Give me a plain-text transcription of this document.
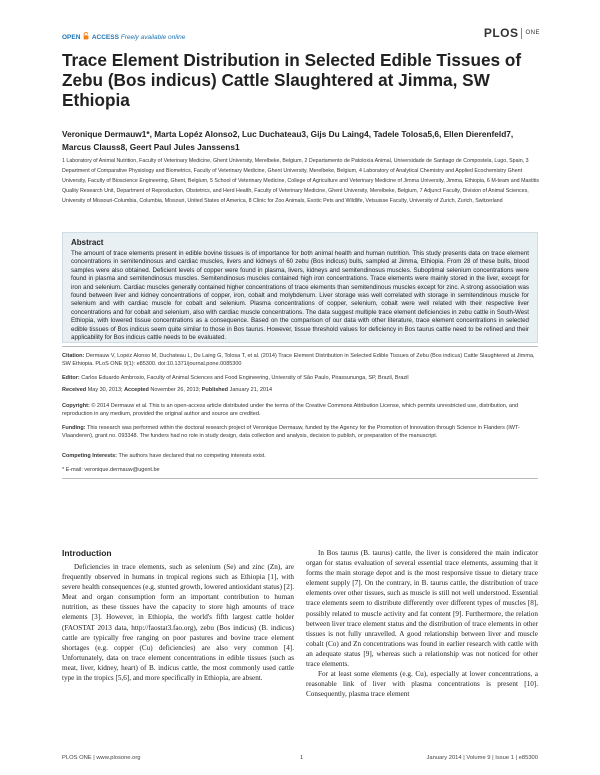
OPEN ACCESS Freely available online	PLOS ONE
Trace Element Distribution in Selected Edible Tissues of Zebu (Bos indicus) Cattle Slaughtered at Jimma, SW Ethiopia

Veronique Dermauw1*, Marta Lopéz Alonso2, Luc Duchateau3, Gijs Du Laing4, Tadele Tolosa5,6, Ellen Dierenfeld7, Marcus Clauss8, Geert Paul Jules Janssens1

1 Laboratory of Animal Nutrition, Faculty of Veterinary Medicine, Ghent University, Merelbeke, Belgium, 2 Departamento de Patoloxía Animal, Universidade de Santiago de Compostela, Lugo, Spain, 3 Department of Comparative Physiology and Biometrics, Faculty of Veterinary Medicine, Ghent University, Merelbeke, Belgium, 4 Laboratory of Analytical Chemistry and Applied Ecochemistry Ghent University, Faculty of Bioscience Engineering, Ghent, Belgium, 5 School of Veterinary Medicine, College of Agriculture and Veterinary Medicine of Jimma University, Jimma, Ethiopia, 6 M-team and Mastitis Quality Research Unit, Department of Reproduction, Obstetrics, and Herd Health, Faculty of Veterinary Medicine, Ghent University, Merelbeke, Belgium, 7 Adjunct Faculty, Division of Animal Sciences, University of Missouri-Columbia, Columbia, Missouri, United States of America, 8 Clinic for Zoo Animals, Exotic Pets and Wildlife, Vetsuisse Faculty, University of Zurich, Zurich, Switzerland

Abstract

The amount of trace elements present in edible bovine tissues is of importance for both animal health and human nutrition. This study presents data on trace element concentrations in semitendinosus and cardiac muscles, livers and kidneys of 60 zebu (Bos indicus) bulls, sampled at Jimma, Ethiopia. From 28 of these bulls, blood samples were also obtained. Deficient levels of copper were found in plasma, livers, kidneys and semitendinosus muscles. Suboptimal selenium concentrations were found in plasma and semitendinosus muscles. Semitendinosus muscles contained high iron concentrations. Trace elements were mainly stored in the liver, except for iron and selenium. Cardiac muscles generally contained higher concentrations of trace elements than semitendinous muscles except for zinc. A strong association was found between liver and kidney concentrations of copper, iron, cobalt and molybdenum. Liver storage was well correlated with storage in semitendinous muscle for selenium and with cardiac muscle for cobalt and selenium. Plasma concentrations of copper, selenium, cobalt were well related with their respective liver concentrations and for cobalt and selenium, also with cardiac muscle concentrations. The data suggest multiple trace element deficiencies in zebu cattle in South-West Ethiopia, with lowered tissue concentrations as a consequence. Based on the comparison of our data with other literature, trace element concentrations in selected edible tissues of Bos indicus seem quite similar to those in Bos taurus. However, tissue threshold values for deficiency in Bos taurus cattle need to be refined and their applicability for Bos indicus cattle needs to be evaluated.

Citation: Dermauw V, Lopéz Alonso M, Duchateau L, Du Laing G, Tolosa T, et al. (2014) Trace Element Distribution in Selected Edible Tissues of Zebu (Bos indicus) Cattle Slaughtered at Jimma, SW Ethiopia. PLoS ONE 9(1): e85300. doi:10.1371/journal.pone.0085300

Editor: Carlos Eduardo Ambrosio, Faculty of Animal Sciences and Food Engineering, University of São Paulo, Pirassununga, SP, Brazil, Brazil

Received May 30, 2013; Accepted November 26, 2013; Published January 21, 2014

Copyright: © 2014 Dermauw et al. This is an open-access article distributed under the terms of the Creative Commons Attribution License, which permits unrestricted use, distribution, and reproduction in any medium, provided the original author and source are credited.

Funding: This research was performed within the doctoral research project of Veronique Dermauw, funded by the Agency for the Promotion of Innovation through Science in Flanders (IWT-Vlaanderen), grant no. 093348. The funders had no role in study design, data collection and analysis, decision to publish, or preparation of the manuscript.

Competing Interests: The authors have declared that no competing interests exist.

* E-mail: veronique.dermauw@ugent.be

Introduction

Deficiencies in trace elements, such as selenium (Se) and zinc (Zn), are frequently observed in humans in tropical regions such as Ethiopia [1], with severe health consequences (e.g. stunted growth, lowered antioxidant status) [2]. Meat and organ consumption form an important contribution to human nutrition, as these tissues have the capacity to store high amounts of trace elements [3]. However, in Ethiopia, the world's fifth largest cattle holder (FAOSTAT 2013 data, http://faostat3.fao.org), zebu (Bos indicus) (B. indicus) cattle are typically free ranging on poor pastures and bovine trace element shortages (e.g. copper (Cu) deficiencies) are also very common [4]. Unfortunately, data on trace element concentrations in edible tissues (such as meat, liver, kidney, heart) of B. indicus cattle, the most commonly used cattle type in the tropics [5,6], and more specifically in Ethiopia, are absent.

In Bos taurus (B. taurus) cattle, the liver is considered the main indicator organ for status evaluation of several essential trace elements, assuming that it forms the main storage depot and is the most responsive tissue to dietary trace element supply [7]. On the contrary, in B. taurus cattle, the distribution of trace elements over other tissues, such as muscle is still not well understood. Essential trace elements seem to distribute differently over different types of muscles [8], possibly related to muscle activity and fat content [9]. Furthermore, the relation between liver trace element status and the distribution of trace elements in other tissues is not fully unravelled. A good relationship between liver and muscle cobalt (Co) and Zn concentrations was found in earlier research with cattle with an adequate status [9], whereas such a relationship was not noticed for other trace elements.

For at least some elements (e.g. Cu), especially at lower concentrations, a reasonable link of liver with plasma concentrations is present [10]. Consequently, plasma trace element

PLOS ONE | www.plosone.org	1	January 2014 | Volume 9 | Issue 1 | e85300
